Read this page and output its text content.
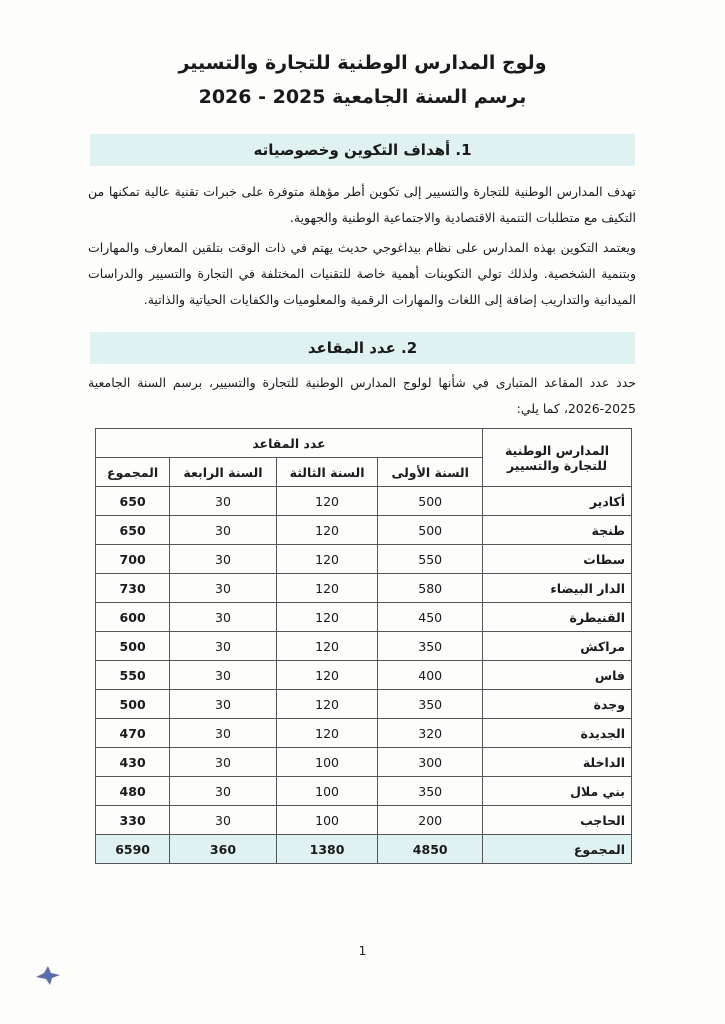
ولوج المدارس الوطنية للتجارة والتسيير
برسم السنة الجامعية 2025 - 2026
1. أهداف التكوين وخصوصياته
تهدف المدارس الوطنية للتجارة والتسيير إلى تكوين أطر مؤهلة متوفرة على خبرات تقنية عالية تمكنها من التكيف مع متطلبات التنمية الاقتصادية والاجتماعية الوطنية والجهوية.
ويعتمد التكوين بهذه المدارس على نظام بيداغوجي حديث يهتم في ذات الوقت بتلقين المعارف والمهارات وبتنمية الشخصية. ولذلك تولي التكوينات أهمية خاصة للتقنيات المختلفة في التجارة والتسيير والدراسات الميدانية والتداريب إضافة إلى اللغات والمهارات الرقمية والمعلوميات والكفايات الحياتية والذاتية.
2. عدد المقاعد
حدد عدد المقاعد المتبارى في شأنها لولوج المدارس الوطنية للتجارة والتسيير، برسم السنة الجامعية 2025-2026، كما يلي:
المدارس الوطنية للتجارة والتسيير	عدد المقاعد			
	السنة الأولى	السنة الثالثة	السنة الرابعة	المجموع
أكادير	500	120	30	650
طنجة	500	120	30	650
سطات	550	120	30	700
الدار البيضاء	580	120	30	730
القنيطرة	450	120	30	600
مراكش	350	120	30	500
فاس	400	120	30	550
وجدة	350	120	30	500
الجديدة	320	120	30	470
الداخلة	300	100	30	430
بني ملال	350	100	30	480
الحاجب	200	100	30	330
المجموع	4850	1380	360	6590
1
